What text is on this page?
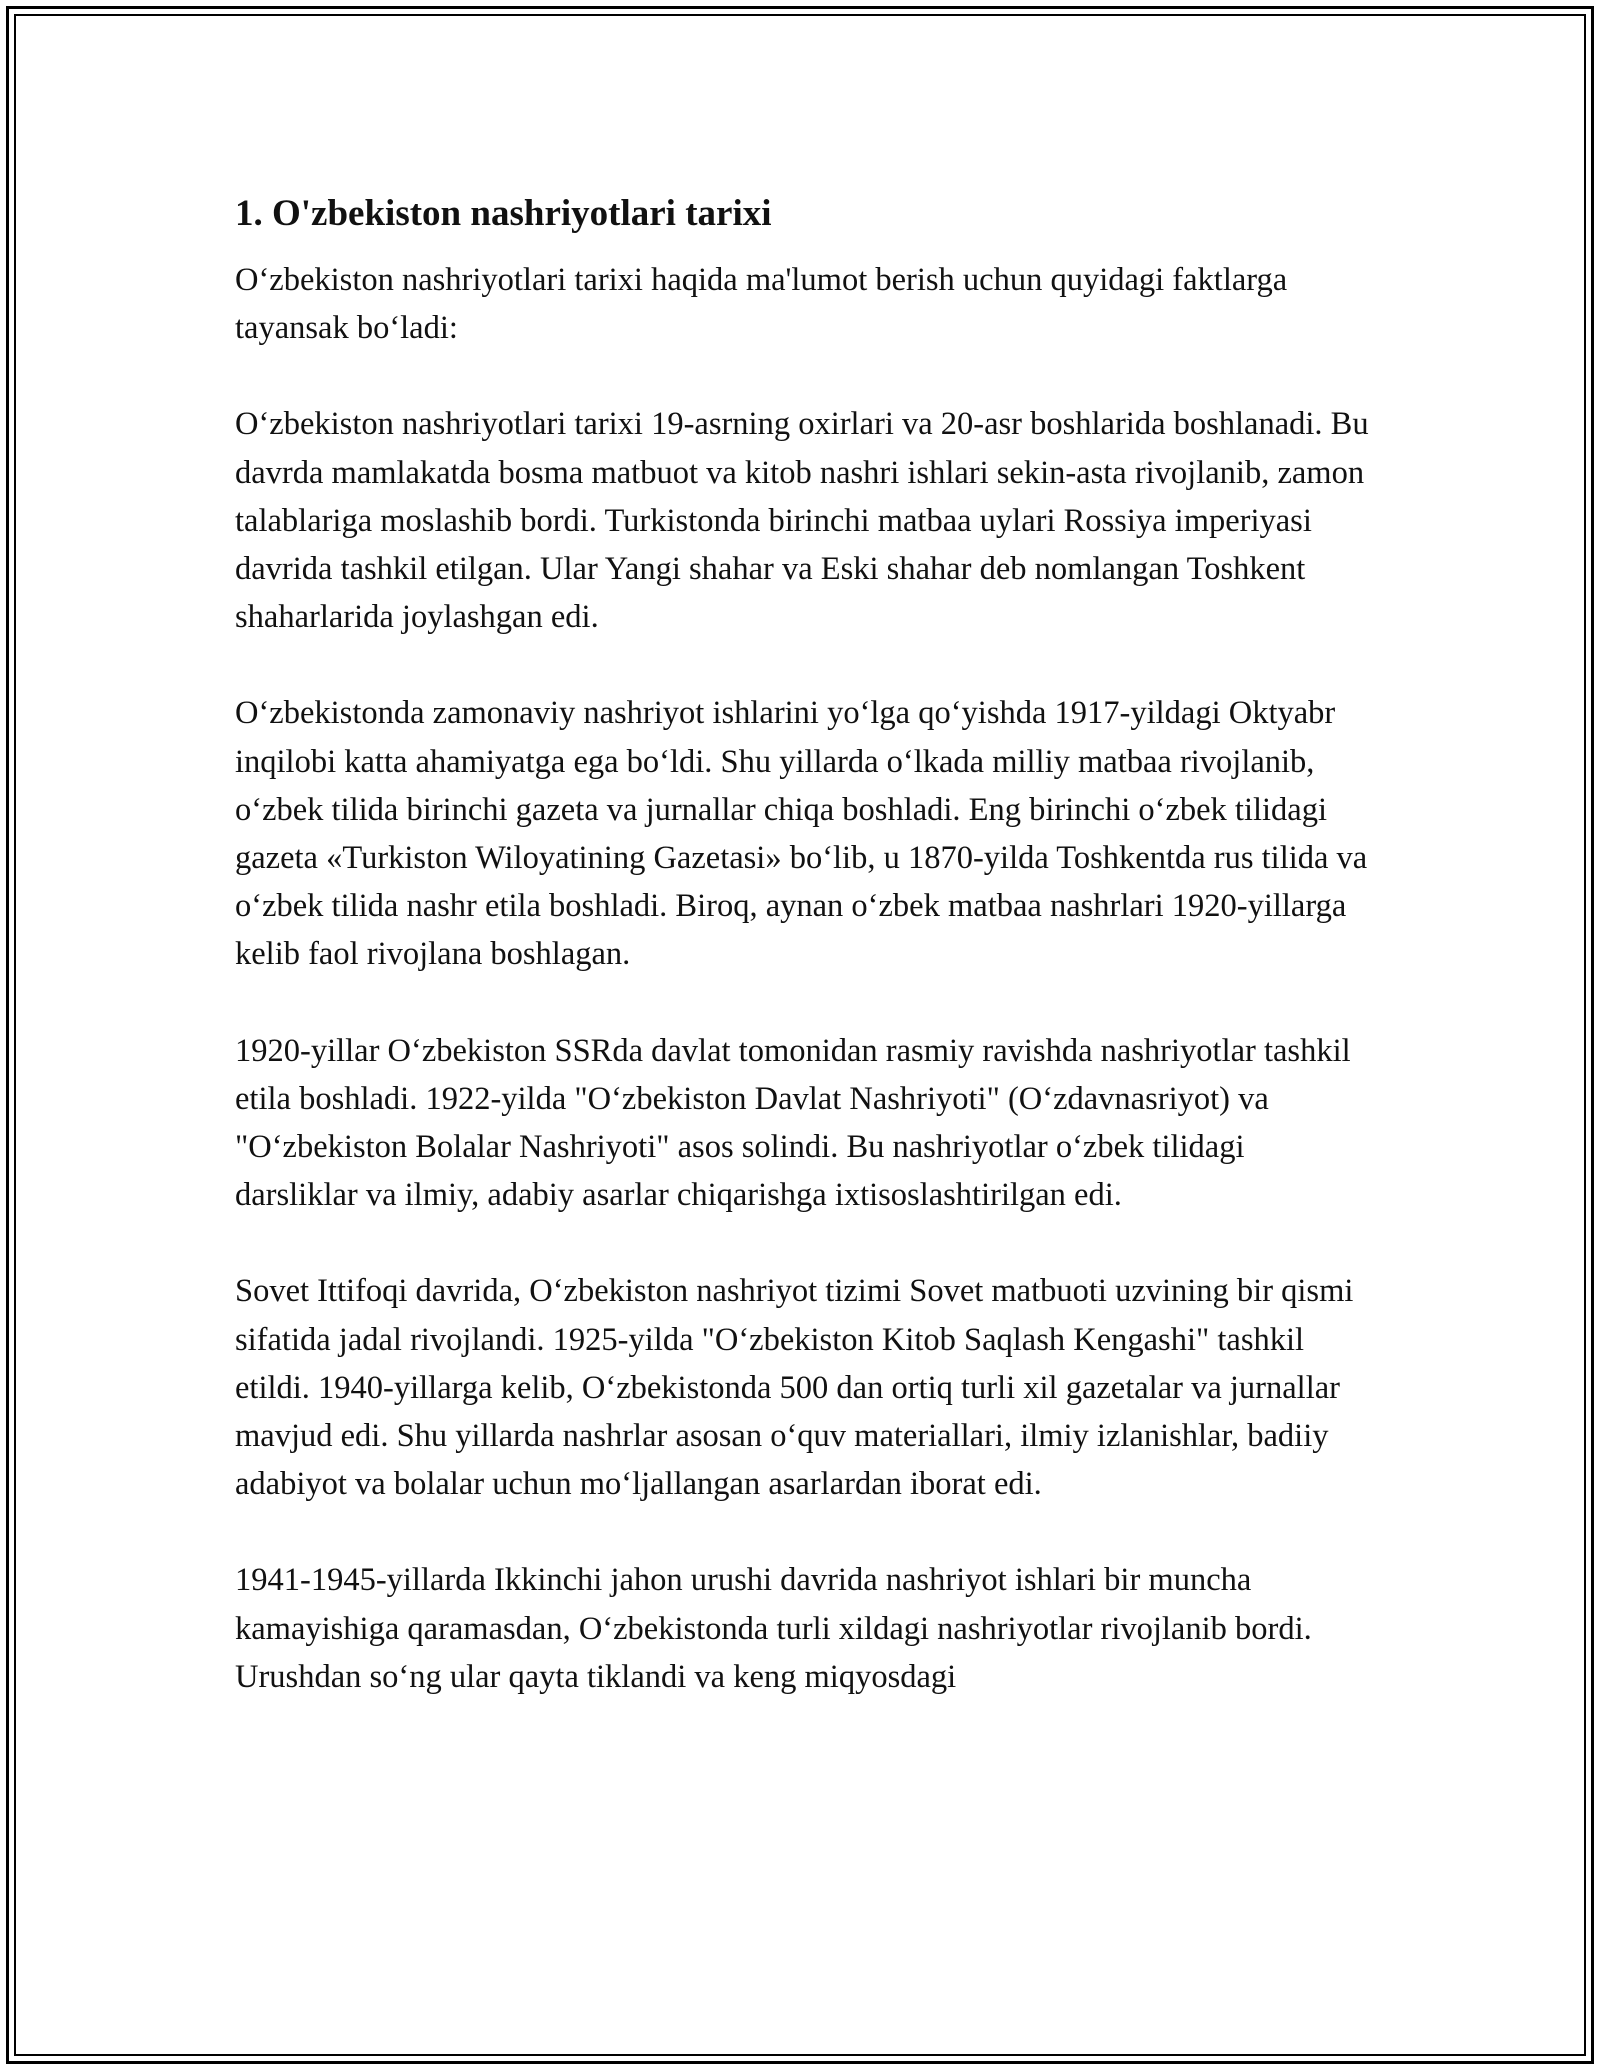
1. O'zbekiston nashriyotlari tarixi

O‘zbekiston nashriyotlari tarixi haqida ma'lumot berish uchun quyidagi faktlarga tayansak bo‘ladi:

O‘zbekiston nashriyotlari tarixi 19-asrning oxirlari va 20-asr boshlarida boshlanadi. Bu davrda mamlakatda bosma matbuot va kitob nashri ishlari sekin-asta rivojlanib, zamon talablariga moslashib bordi. Turkistonda birinchi matbaa uylari Rossiya imperiyasi davrida tashkil etilgan. Ular Yangi shahar va Eski shahar deb nomlangan Toshkent shaharlarida joylashgan edi.

O‘zbekistonda zamonaviy nashriyot ishlarini yo‘lga qo‘yishda 1917-yildagi Oktyabr inqilobi katta ahamiyatga ega bo‘ldi. Shu yillarda o‘lkada milliy matbaa rivojlanib, o‘zbek tilida birinchi gazeta va jurnallar chiqa boshladi. Eng birinchi o‘zbek tilidagi gazeta «Turkiston Wiloyatining Gazetasi» bo‘lib, u 1870-yilda Toshkentda rus tilida va o‘zbek tilida nashr etila boshladi. Biroq, aynan o‘zbek matbaa nashrlari 1920-yillarga kelib faol rivojlana boshlagan.

1920-yillar O‘zbekiston SSRda davlat tomonidan rasmiy ravishda nashriyotlar tashkil etila boshladi. 1922-yilda "O‘zbekiston Davlat Nashriyoti" (O‘zdavnasriyot) va "O‘zbekiston Bolalar Nashriyoti" asos solindi. Bu nashriyotlar o‘zbek tilidagi darsliklar va ilmiy, adabiy asarlar chiqarishga ixtisoslashtirilgan edi.

Sovet Ittifoqi davrida, O‘zbekiston nashriyot tizimi Sovet matbuoti uzvining bir qismi sifatida jadal rivojlandi. 1925-yilda "O‘zbekiston Kitob Saqlash Kengashi" tashkil etildi. 1940-yillarga kelib, O‘zbekistonda 500 dan ortiq turli xil gazetalar va jurnallar mavjud edi. Shu yillarda nashrlar asosan o‘quv materiallari, ilmiy izlanishlar, badiiy adabiyot va bolalar uchun mo‘ljallangan asarlardan iborat edi.

1941-1945-yillarda Ikkinchi jahon urushi davrida nashriyot ishlari bir muncha kamayishiga qaramasdan, O‘zbekistonda turli xildagi nashriyotlar rivojlanib bordi. Urushdan so‘ng ular qayta tiklandi va keng miqyosdagi
